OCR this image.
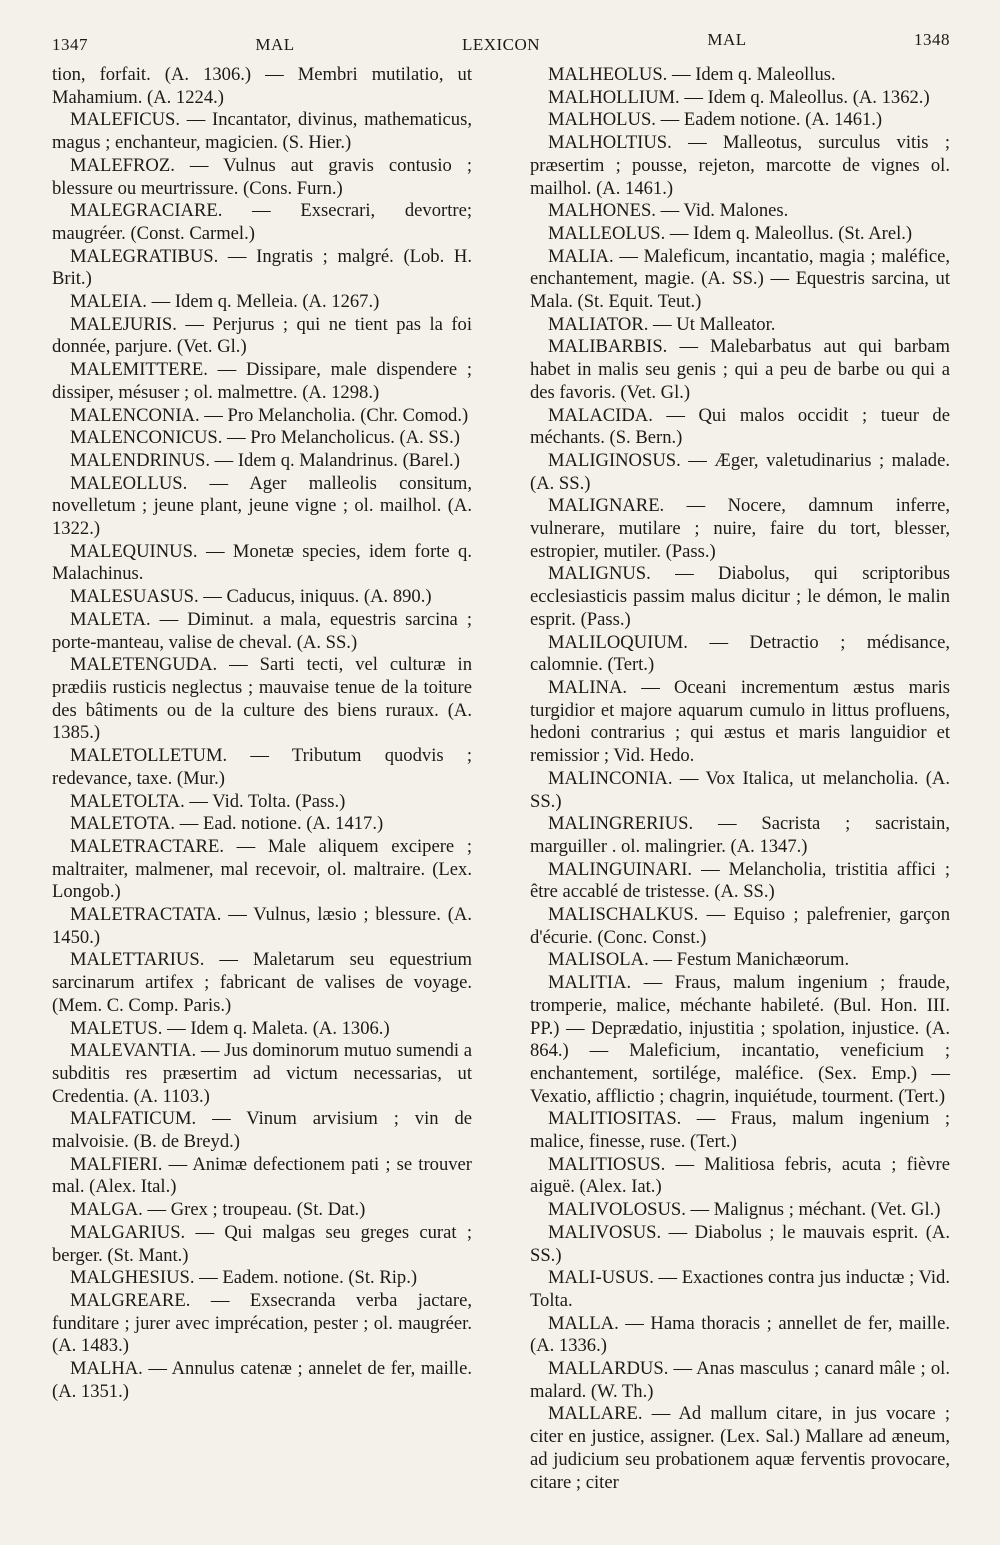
1347	MAL	LEXICON	MAL	1348

tion, forfait. (A. 1306.) — Membri mutilatio, ut Mahamium. (A. 1224.)

MALEFICUS. — Incantator, divinus, mathematicus, magus ; enchanteur, magicien. (S. Hier.)

MALEFROZ. — Vulnus aut gravis contusio ; blessure ou meurtrissure. (Cons. Furn.)

MALEGRACIARE. — Exsecrari, devortre; maugréer. (Const. Carmel.)

MALEGRATIBUS. — Ingratis ; malgré. (Lob. H. Brit.)

MALEIA. — Idem q. Melleia. (A. 1267.)

MALEJURIS. — Perjurus ; qui ne tient pas la foi donnée, parjure. (Vet. Gl.)

MALEMITTERE. — Dissipare, male dispendere ; dissiper, mésuser ; ol. malmettre. (A. 1298.)

MALENCONIA. — Pro Melancholia. (Chr. Comod.)

MALENCONICUS. — Pro Melancholicus. (A. SS.)

MALENDRINUS. — Idem q. Malandrinus. (Barel.)

MALEOLLUS. — Ager malleolis consitum, novelletum ; jeune plant, jeune vigne ; ol. mailhol. (A. 1322.)

MALEQUINUS. — Monetæ species, idem forte q. Malachinus.

MALESUASUS. — Caducus, iniquus. (A. 890.)

MALETA. — Diminut. a mala, equestris sarcina ; porte-manteau, valise de cheval. (A. SS.)

MALETENGUDA. — Sarti tecti, vel culturæ in prædiis rusticis neglectus ; mauvaise tenue de la toiture des bâtiments ou de la culture des biens ruraux. (A. 1385.)

MALETOLLETUM. — Tributum quodvis ; redevance, taxe. (Mur.)

MALETOLTA. — Vid. Tolta. (Pass.)

MALETOTA. — Ead. notione. (A. 1417.)

MALETRACTARE. — Male aliquem excipere ; maltraiter, malmener, mal recevoir, ol. maltraire. (Lex. Longob.)

MALETRACTATA. — Vulnus, læsio ; blessure. (A. 1450.)

MALETTARIUS. — Maletarum seu equestrium sarcinarum artifex ; fabricant de valises de voyage. (Mem. C. Comp. Paris.)

MALETUS. — Idem q. Maleta. (A. 1306.)

MALEVANTIA. — Jus dominorum mutuo sumendi a subditis res præsertim ad victum necessarias, ut Credentia. (A. 1103.)

MALFATICUM. — Vinum arvisium ; vin de malvoisie. (B. de Breyd.)

MALFIERI. — Animæ defectionem pati ; se trouver mal. (Alex. Ital.)

MALGA. — Grex ; troupeau. (St. Dat.)

MALGARIUS. — Qui malgas seu greges curat ; berger. (St. Mant.)

MALGHESIUS. — Eadem. notione. (St. Rip.)

MALGREARE. — Exsecranda verba jactare, funditare ; jurer avec imprécation, pester ; ol. maugréer. (A. 1483.)

MALHA. — Annulus catenæ ; annelet de fer, maille. (A. 1351.)

MALHEOLUS. — Idem q. Maleollus.

MALHOLLIUM. — Idem q. Maleollus. (A. 1362.)

MALHOLUS. — Eadem notione. (A. 1461.)

MALHOLTIUS. — Malleotus, surculus vitis ; præsertim ; pousse, rejeton, marcotte de vignes ol. mailhol. (A. 1461.)

MALHONES. — Vid. Malones.

MALLEOLUS. — Idem q. Maleollus. (St. Arel.)

MALIA. — Maleficum, incantatio, magia ; maléfice, enchantement, magie. (A. SS.) — Equestris sarcina, ut Mala. (St. Equit. Teut.)

MALIATOR. — Ut Malleator.

MALIBARBIS. — Malebarbatus aut qui barbam habet in malis seu genis ; qui a peu de barbe ou qui a des favoris. (Vet. Gl.)

MALACIDA. — Qui malos occidit ; tueur de méchants. (S. Bern.)

MALIGINOSUS. — Æger, valetudinarius ; malade. (A. SS.)

MALIGNARE. — Nocere, damnum inferre, vulnerare, mutilare ; nuire, faire du tort, blesser, estropier, mutiler. (Pass.)

MALIGNUS. — Diabolus, qui scriptoribus ecclesiasticis passim malus dicitur ; le démon, le malin esprit. (Pass.)

MALILOQUIUM. — Detractio ; médisance, calomnie. (Tert.)

MALINA. — Oceani incrementum æstus maris turgidior et majore aquarum cumulo in littus profluens, hedoni contrarius ; qui æstus et maris languidior et remissior ; Vid. Hedo.

MALINCONIA. — Vox Italica, ut melancholia. (A. SS.)

MALINGRERIUS. — Sacrista ; sacristain, marguiller . ol. malingrier. (A. 1347.)

MALINGUINARI. — Melancholia, tristitia affici ; être accablé de tristesse. (A. SS.)

MALISCHALKUS. — Equiso ; palefrenier, garçon d'écurie. (Conc. Const.)

MALISOLA. — Festum Manichæorum.

MALITIA. — Fraus, malum ingenium ; fraude, tromperie, malice, méchante habileté. (Bul. Hon. III. PP.) — Deprædatio, injustitia ; spolation, injustice. (A. 864.) — Maleficium, incantatio, veneficium ; enchantement, sortilége, maléfice. (Sex. Emp.) — Vexatio, afflictio ; chagrin, inquiétude, tourment. (Tert.)

MALITIOSITAS. — Fraus, malum ingenium ; malice, finesse, ruse. (Tert.)

MALITIOSUS. — Malitiosa febris, acuta ; fièvre aiguë. (Alex. Iat.)

MALIVOLOSUS. — Malignus ; méchant. (Vet. Gl.)

MALIVOSUS. — Diabolus ; le mauvais esprit. (A. SS.)

MALI-USUS. — Exactiones contra jus inductæ ; Vid. Tolta.

MALLA. — Hama thoracis ; annellet de fer, maille. (A. 1336.)

MALLARDUS. — Anas masculus ; canard mâle ; ol. malard. (W. Th.)

MALLARE. — Ad mallum citare, in jus vocare ; citer en justice, assigner. (Lex. Sal.) Mallare ad æneum, ad judicium seu probationem aquæ ferventis provocare, citare ; citer
